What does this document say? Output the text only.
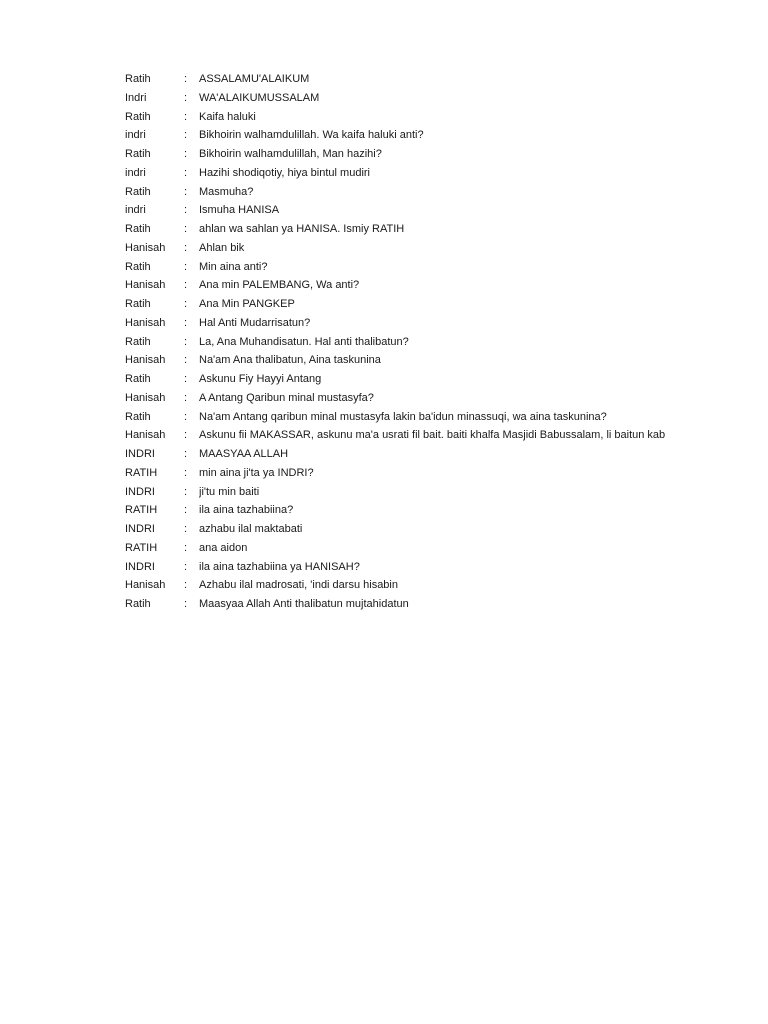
Ratih	:	ASSALAMU'ALAIKUM
Indri	:	WA'ALAIKUMUSSALAM
Ratih	:	Kaifa haluki
indri	:	Bikhoirin walhamdulillah. Wa kaifa haluki anti?
Ratih	:	Bikhoirin walhamdulillah, Man hazihi?
indri	:	Hazihi shodiqotiy, hiya bintul mudiri
Ratih	:	Masmuha?
indri	:	Ismuha HANISA
Ratih	:	ahlan wa sahlan ya HANISA. Ismiy RATIH
Hanisah	:	Ahlan bik
Ratih	:	Min aina anti?
Hanisah	:	Ana min PALEMBANG, Wa anti?
Ratih	:	Ana Min PANGKEP
Hanisah	:	Hal Anti Mudarrisatun?
Ratih	:	La, Ana Muhandisatun. Hal anti thalibatun?
Hanisah	:	Na'am Ana thalibatun, Aina taskunina
Ratih	:	Askunu Fiy Hayyi Antang
Hanisah	:	A Antang Qaribun minal mustasyfa?
Ratih	:	Na'am Antang qaribun minal mustasyfa lakin ba'idun minassuqi, wa aina taskunina?
Hanisah	:	Askunu fii MAKASSAR, askunu ma'a usrati fil bait. baiti khalfa Masjidi Babussalam, li baitun kab
INDRI	:	MAASYAA ALLAH
RATIH	:	min aina ji'ta ya INDRI?
INDRI	:	ji'tu min baiti
RATIH	:	ila aina tazhabiina?
INDRI	:	azhabu ilal maktabati
RATIH	:	ana aidon
INDRI	:	ila aina tazhabiina ya HANISAH?
Hanisah	:	Azhabu ilal madrosati, 'indi darsu hisabin
Ratih	:	Maasyaa Allah Anti thalibatun mujtahidatun
